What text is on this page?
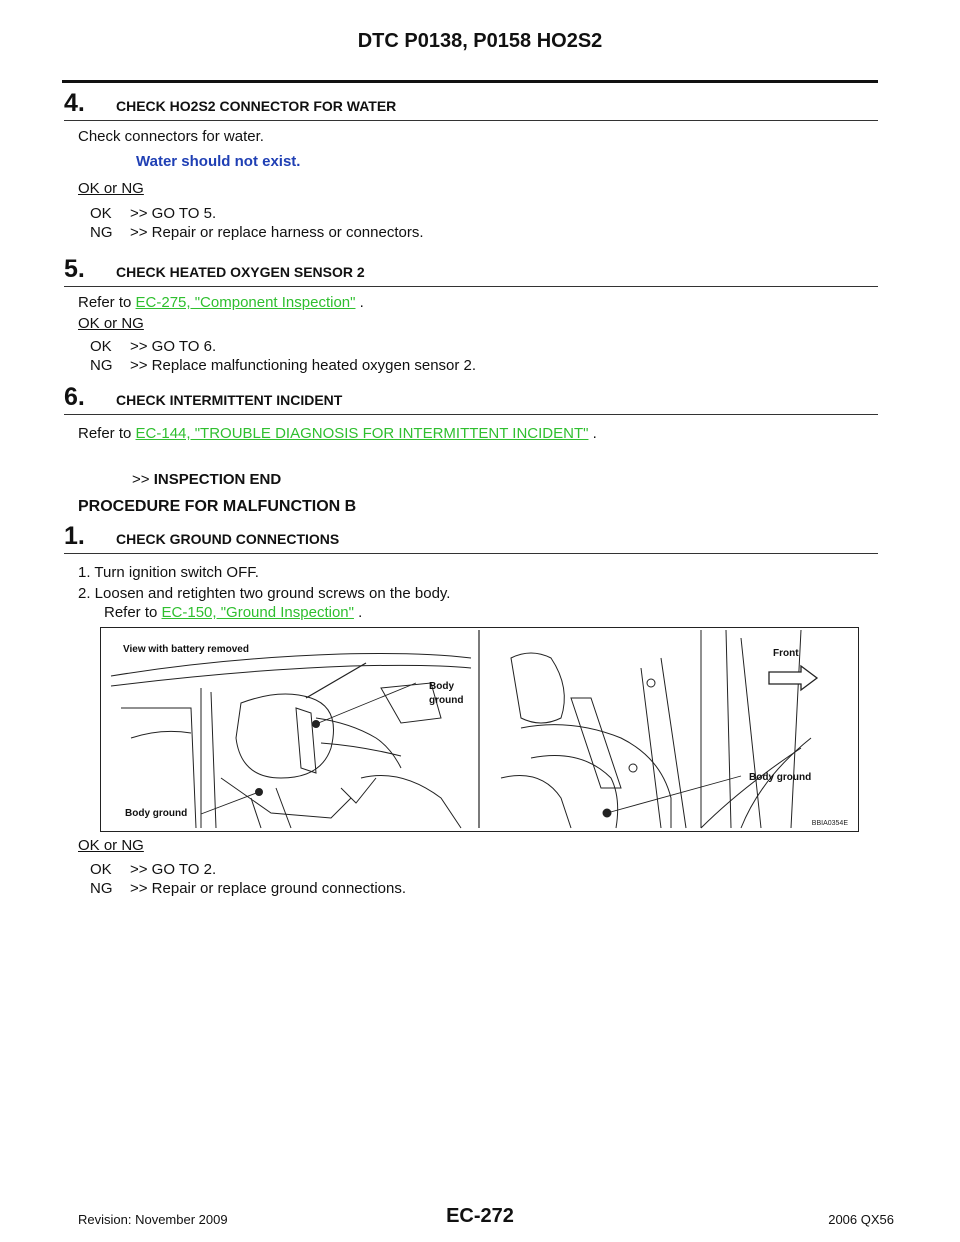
DTC P0138, P0158 HO2S2
4. CHECK HO2S2 CONNECTOR FOR WATER
Check connectors for water.
Water should not exist.
OK or NG
OK >> GO TO 5.
NG >> Repair or replace harness or connectors.
5. CHECK HEATED OXYGEN SENSOR 2
Refer to EC-275, "Component Inspection" .
OK or NG
OK >> GO TO 6.
NG >> Replace malfunctioning heated oxygen sensor 2.
6. CHECK INTERMITTENT INCIDENT
Refer to EC-144, "TROUBLE DIAGNOSIS FOR INTERMITTENT INCIDENT" .
>> INSPECTION END
PROCEDURE FOR MALFUNCTION B
1. CHECK GROUND CONNECTIONS
1. Turn ignition switch OFF.
2. Loosen and retighten two ground screws on the body.
Refer to EC-150, "Ground Inspection" .
View with battery removed
Body
ground
Body ground
Front
Body ground
BBIA0354E
OK or NG
OK >> GO TO 2.
NG >> Repair or replace ground connections.
Revision: November 2009	EC-272	2006 QX56
